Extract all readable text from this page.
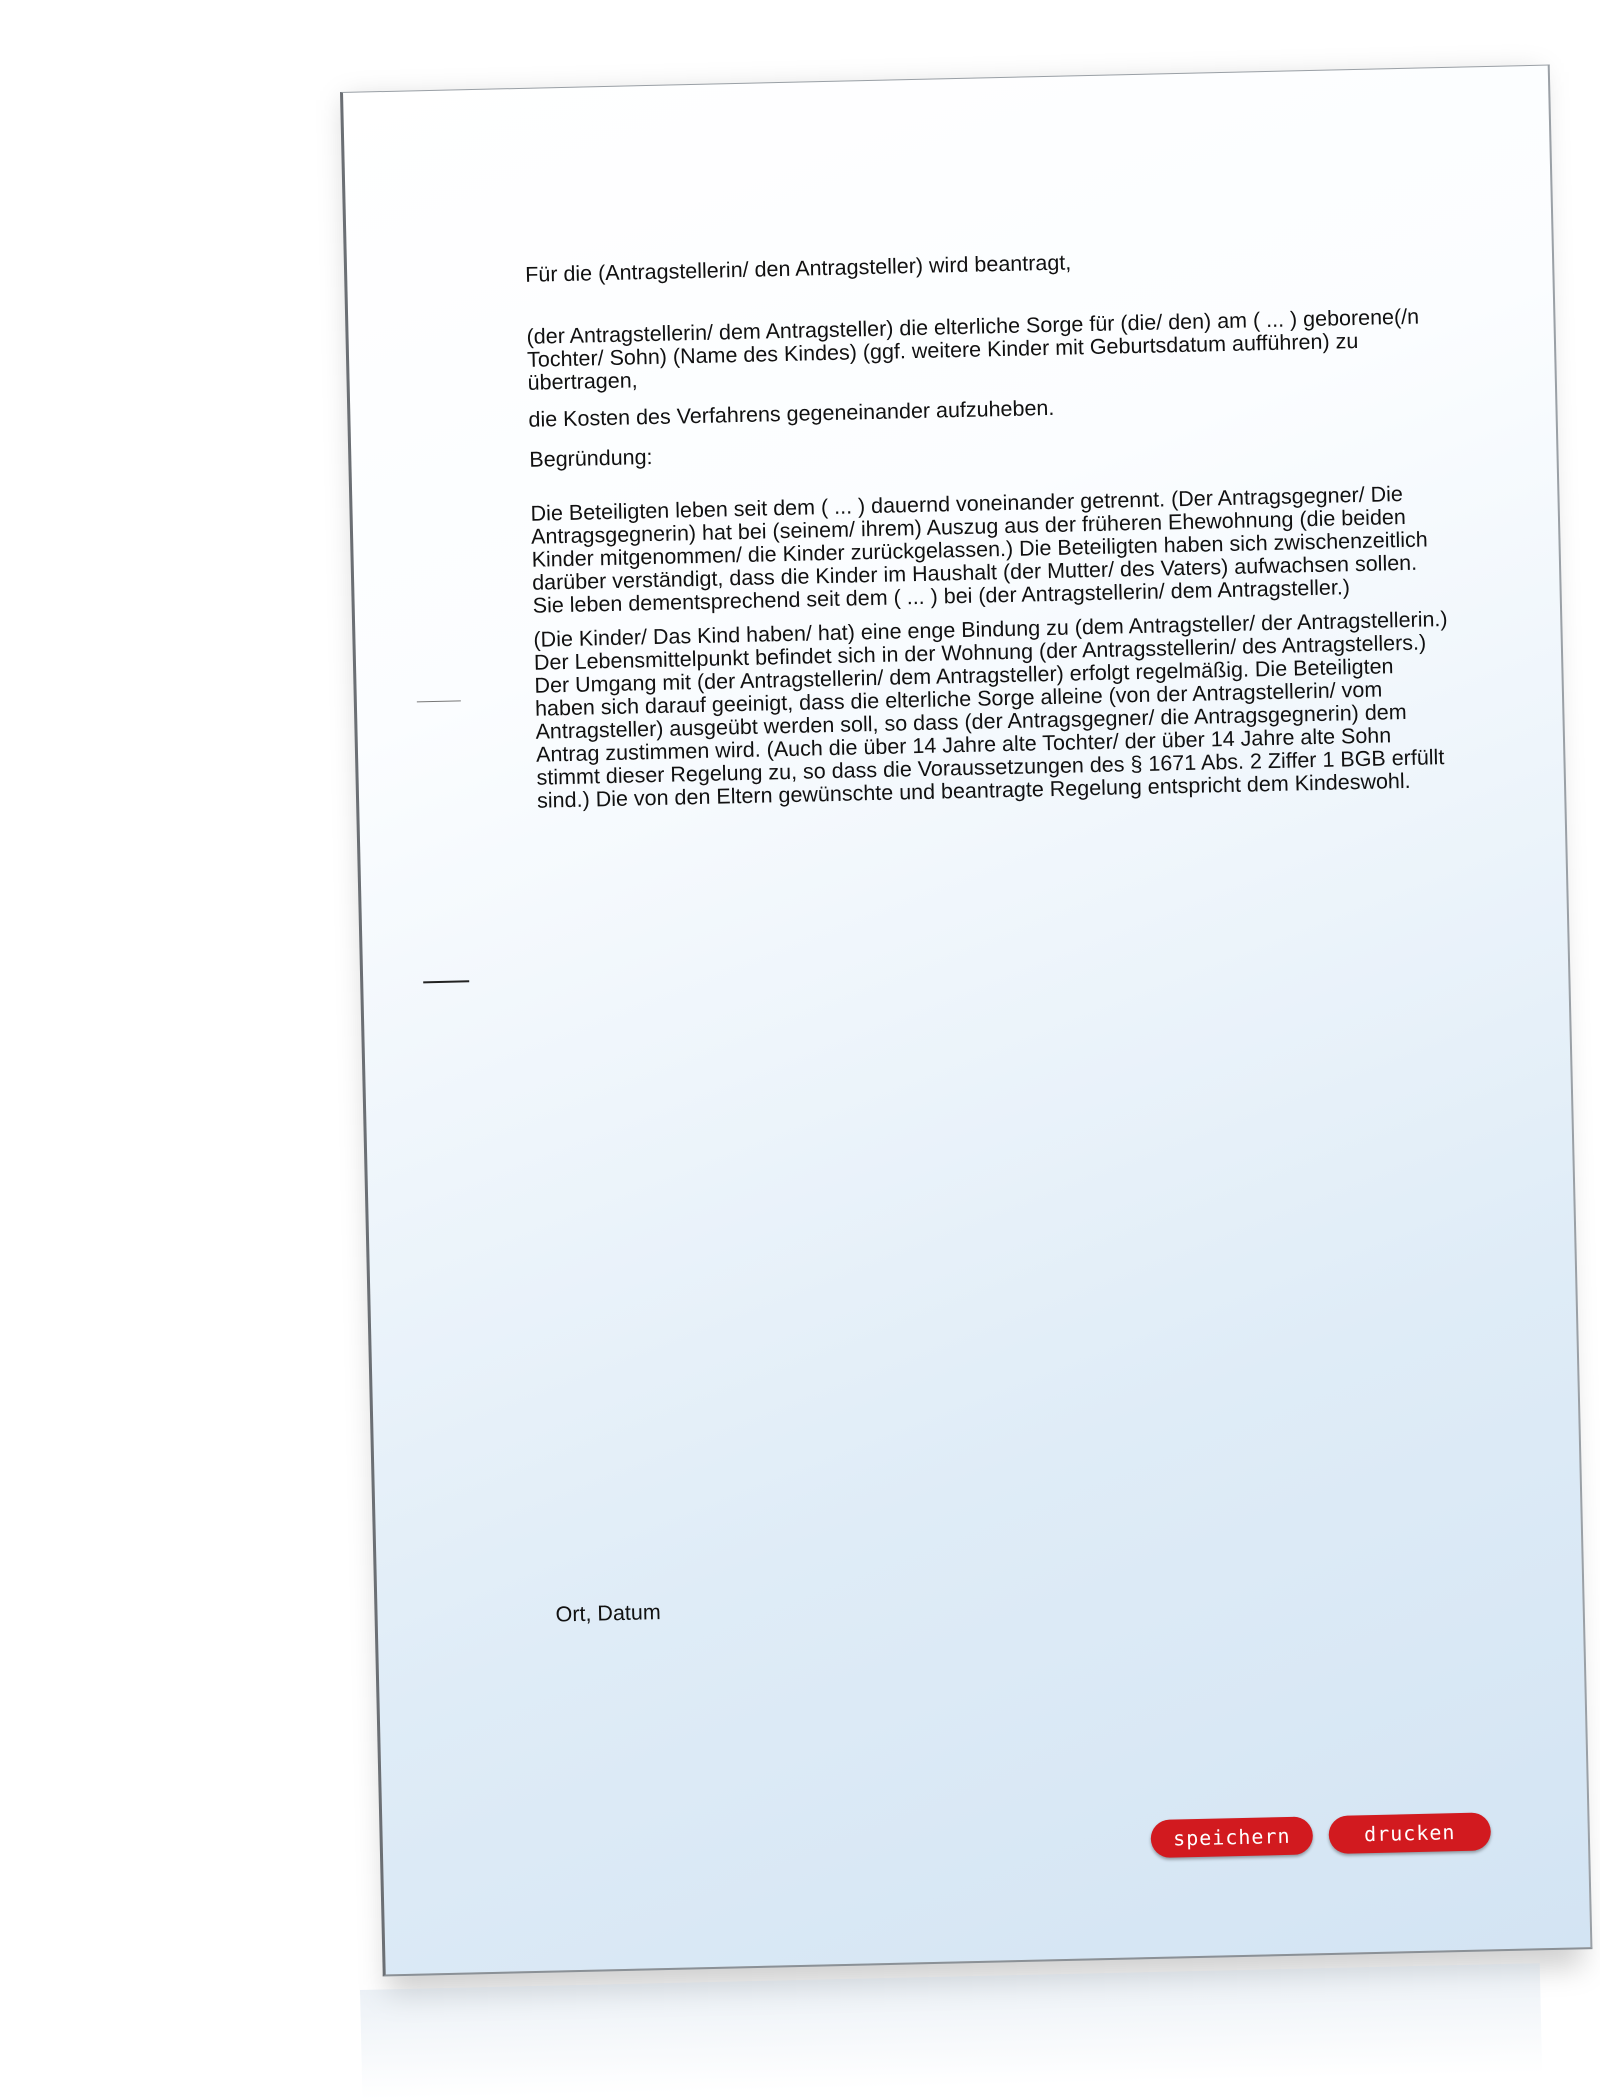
Für die (Antragstellerin/ den Antragsteller) wird beantragt,
(der Antragstellerin/ dem Antragsteller) die elterliche Sorge für (die/ den) am ( ... ) geborene(/n Tochter/ Sohn) (Name des Kindes) (ggf. weitere Kinder mit Geburtsdatum aufführen) zu übertragen,
die Kosten des Verfahrens gegeneinander aufzuheben.
Begründung:
Die Beteiligten leben seit dem ( ... ) dauernd voneinander getrennt. (Der Antragsgegner/ Die Antragsgegnerin) hat bei (seinem/ ihrem) Auszug aus der früheren Ehewohnung (die beiden Kinder mitgenommen/ die Kinder zurückgelassen.) Die Beteiligten haben sich zwischenzeitlich darüber verständigt, dass die Kinder im Haushalt (der Mutter/ des Vaters) aufwachsen sollen. Sie leben dementsprechend seit dem ( ... ) bei (der Antragstellerin/ dem Antragsteller.)
(Die Kinder/ Das Kind haben/ hat) eine enge Bindung zu (dem Antragsteller/ der Antragstellerin.) Der Lebensmittelpunkt befindet sich in der Wohnung (der Antragsstellerin/ des Antragstellers.) Der Umgang mit (der Antragstellerin/ dem Antragsteller) erfolgt regelmäßig. Die Beteiligten haben sich darauf geeinigt, dass die elterliche Sorge alleine (von der Antragstellerin/ vom Antragsteller) ausgeübt werden soll, so dass (der Antragsgegner/ die Antragsgegnerin) dem Antrag zustimmen wird. (Auch die über 14 Jahre alte Tochter/ der über 14 Jahre alte Sohn stimmt dieser Regelung zu, so dass die Voraussetzungen des § 1671 Abs. 2 Ziffer 1 BGB erfüllt sind.) Die von den Eltern gewünschte und beantragte Regelung entspricht dem Kindeswohl.
Ort, Datum
speichern	drucken
